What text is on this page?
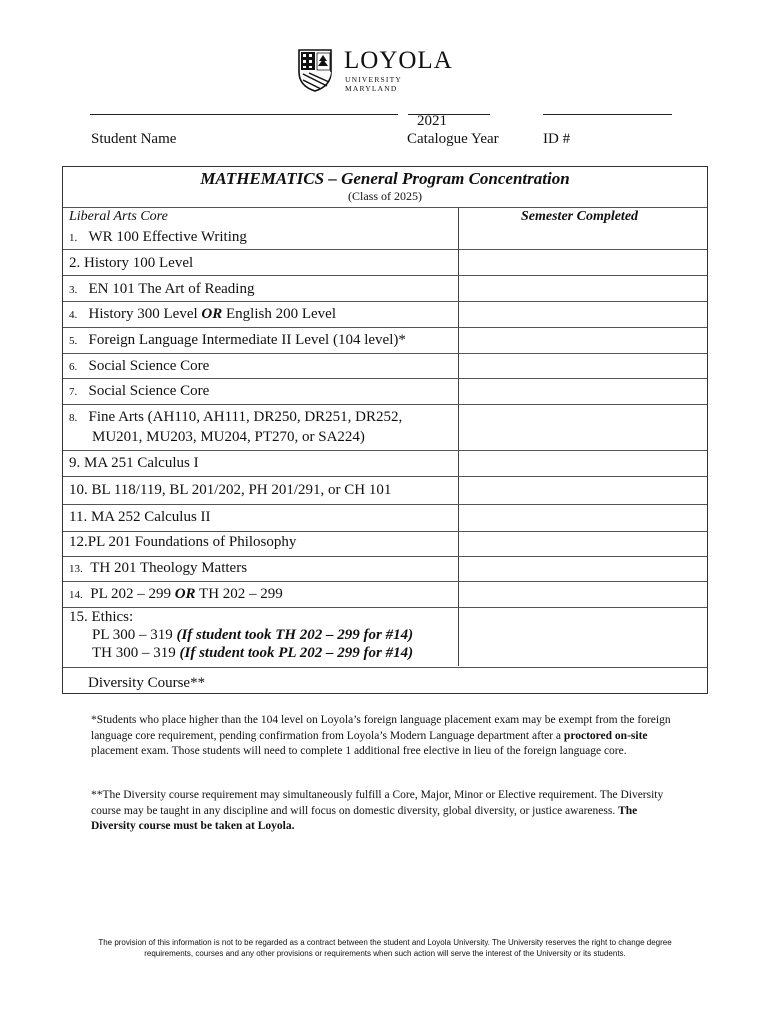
LOYOLA
UNIVERSITY MARYLAND
2021
Student Name	Catalogue Year	ID #
MATHEMATICS – General Program Concentration
(Class of 2025)
Liberal Arts Core	Semester Completed
1. WR 100 Effective Writing
2. History 100 Level
3. EN 101 The Art of Reading
4. History 300 Level OR English 200 Level
5. Foreign Language Intermediate II Level (104 level)*
6. Social Science Core
7. Social Science Core
8. Fine Arts (AH110, AH111, DR250, DR251, DR252,
MU201, MU203, MU204, PT270, or SA224)
9. MA 251 Calculus I
10. BL 118/119, BL 201/202, PH 201/291, or CH 101
11. MA 252 Calculus II
12.PL 201 Foundations of Philosophy
13. TH 201 Theology Matters
14. PL 202 – 299 OR TH 202 – 299
15. Ethics:
PL 300 – 319 (If student took TH 202 – 299 for #14)
TH 300 – 319 (If student took PL 202 – 299 for #14)
Diversity Course**
*Students who place higher than the 104 level on Loyola’s foreign language placement exam may be exempt from the foreign language core requirement, pending confirmation from Loyola’s Modern Language department after a proctored on-site placement exam. Those students will need to complete 1 additional free elective in lieu of the foreign language core.
**The Diversity course requirement may simultaneously fulfill a Core, Major, Minor or Elective requirement. The Diversity course may be taught in any discipline and will focus on domestic diversity, global diversity, or justice awareness. The Diversity course must be taken at Loyola.
The provision of this information is not to be regarded as a contract between the student and Loyola University. The University reserves the right to change degree requirements, courses and any other provisions or requirements when such action will serve the interest of the University or its students.
